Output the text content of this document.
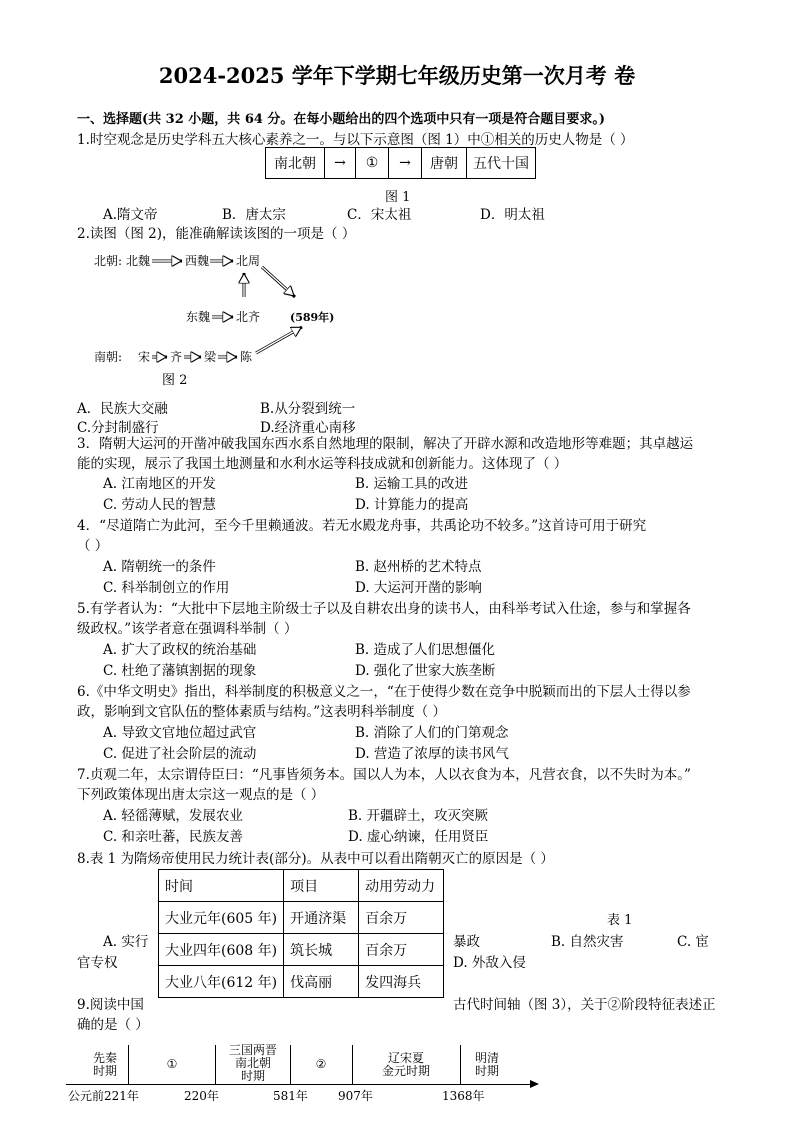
2024-2025 学年下学期七年级历史第一次月考 卷
一、选择题(共 32 小题，共 64 分。在每小题给出的四个选项中只有一项是符合题目要求。)
1.时空观念是历史学科五大核心素养之一。与以下示意图（图 1）中①相关的历史人物是（ ）
南北朝	→	①	→	唐朝	五代十国
图 1
A.隋文帝	B．唐太宗	C．宋太祖	D．明太祖
2.读图（图 2)，能准确解读该图的一项是（ ）
北朝: 北魏	西魏 北周
东魏 北齐	(589年)
南朝: 宋 齐 梁 陈
图 2
A．民族大交融	B.从分裂到统一
C.分封制盛行	D.经济重心南移
3．隋朝大运河的开凿冲破我国东西水系自然地理的限制，解决了开辟水源和改造地形等难题；其卓越运
能的实现，展示了我国土地测量和水利水运等科技成就和创新能力。这体现了（ ）
A. 江南地区的开发	B. 运输工具的改进
C. 劳动人民的智慧	D. 计算能力的提高
4．“尽道隋亡为此河，至今千里赖通波。若无水殿龙舟事，共禹论功不较多。”这首诗可用于研究
（ ）
A. 隋朝统一的条件	B. 赵州桥的艺术特点
C. 科举制创立的作用	D. 大运河开凿的影响
5.有学者认为：“大批中下层地主阶级士子以及自耕农出身的读书人，由科举考试入仕途，参与和掌握各
级政权。”该学者意在强调科举制（ ）
A. 扩大了政权的统治基础	B. 造成了人们思想僵化
C. 杜绝了藩镇割据的现象	D. 强化了世家大族垄断
6.《中华文明史》指出，科举制度的积极意义之一，“在于使得少数在竞争中脱颖而出的下层人士得以参
政，影响到文官队伍的整体素质与结构。”这表明科举制度（ ）
A. 导致文官地位超过武官	B. 消除了人们的门第观念
C. 促进了社会阶层的流动	D. 营造了浓厚的读书风气
7.贞观二年，太宗谓侍臣曰：“凡事皆须务本。国以人为本，人以衣食为本，凡营衣食，以不失时为本。”
下列政策体现出唐太宗这一观点的是（ ）
A. 轻徭薄赋，发展农业	B. 开疆辟土，攻灭突厥
C. 和亲吐蕃，民族友善	D. 虚心纳谏，任用贤臣
8.表 1 为隋炀帝使用民力统计表(部分)。从表中可以看出隋朝灭亡的原因是（ ）
时间	项目	动用劳动力
大业元年(605 年)	开通济渠	百余万
大业四年(608 年)	筑长城	百余万
大业八年(612 年)	伐高丽	发四海兵
表 1
A. 实行
官专权
暴政	B. 自然灾害	C. 宦
D. 外敌入侵
9.阅读中国	古代时间轴（图 3），关于②阶段特征表述正
确的是（ ）
先秦
时期	①
三国两晋
南北朝
时期
②	辽宋夏
金元时期
明清
时期
公元前221年	220年	581年	907年	1368年
